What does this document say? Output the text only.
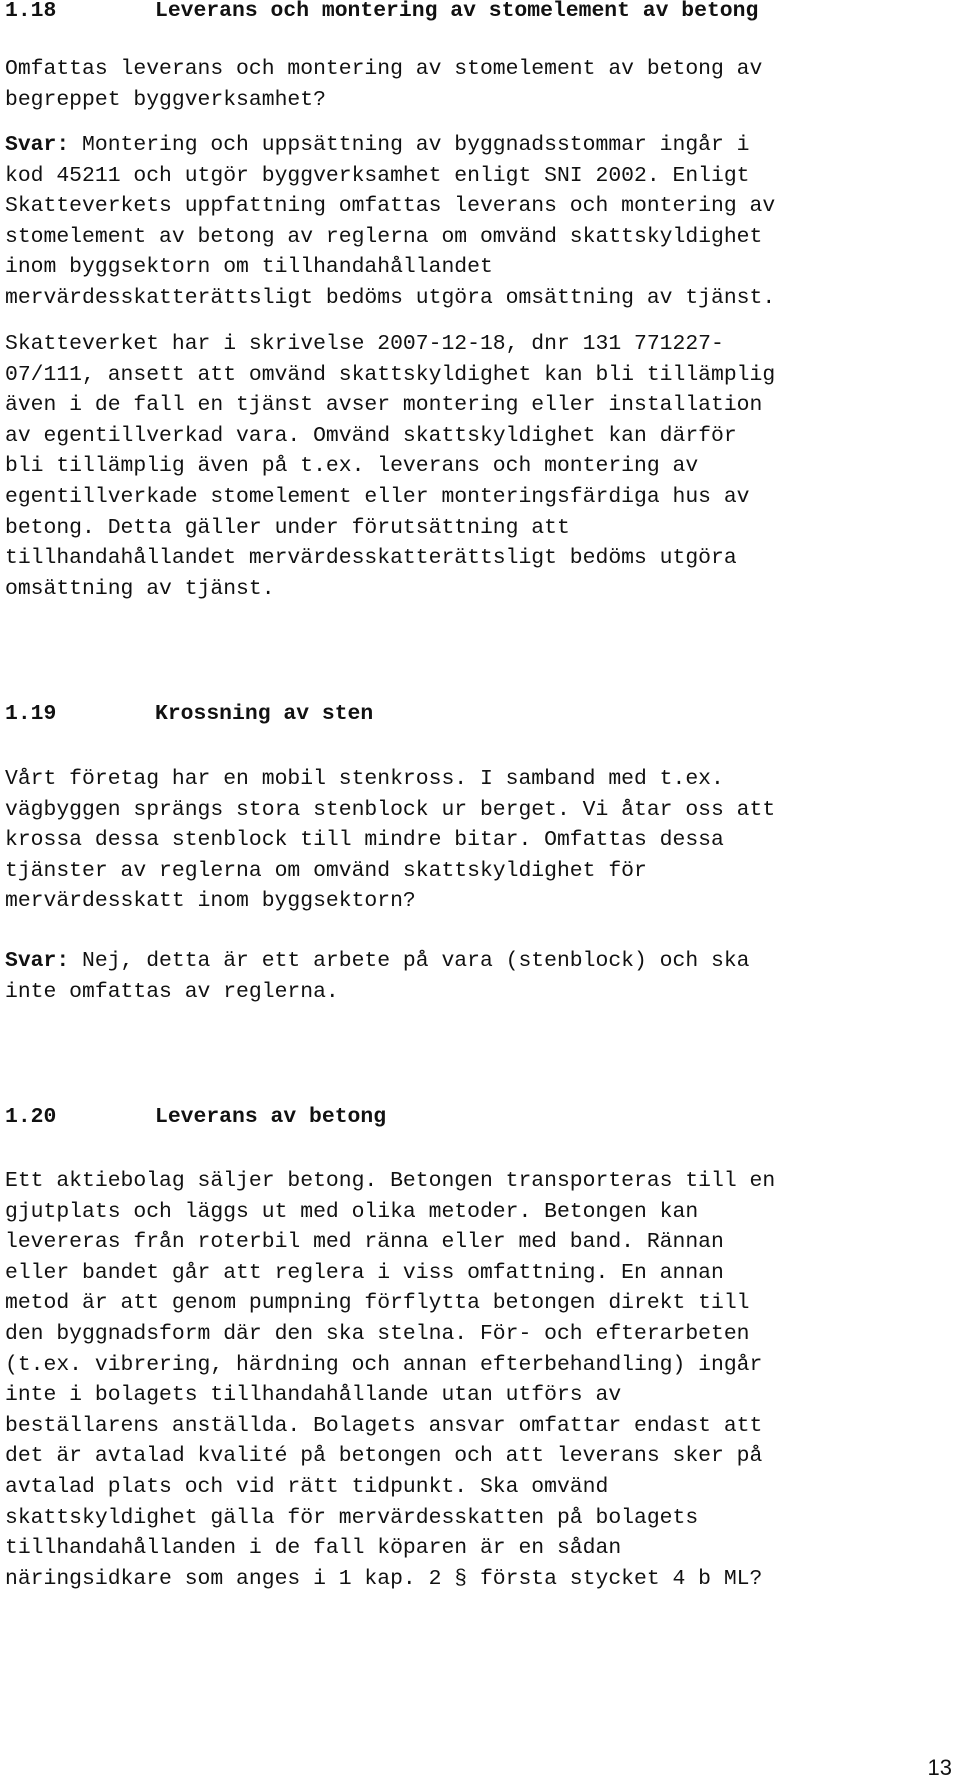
1.18	Leverans och montering av stomelement av betong
Omfattas leverans och montering av stomelement av betong av
begreppet byggverksamhet?
Svar: Montering och uppsättning av byggnadsstommar ingår i
kod 45211 och utgör byggverksamhet enligt SNI 2002. Enligt
Skatteverkets uppfattning omfattas leverans och montering av
stomelement av betong av reglerna om omvänd skattskyldighet
inom byggsektorn om tillhandahållandet
mervärdesskatterättsligt bedöms utgöra omsättning av tjänst.
Skatteverket har i skrivelse 2007-12-18, dnr 131 771227-
07/111, ansett att omvänd skattskyldighet kan bli tillämplig
även i de fall en tjänst avser montering eller installation
av egentillverkad vara. Omvänd skattskyldighet kan därför
bli tillämplig även på t.ex. leverans och montering av
egentillverkade stomelement eller monteringsfärdiga hus av
betong. Detta gäller under förutsättning att
tillhandahållandet mervärdesskatterättsligt bedöms utgöra
omsättning av tjänst.
1.19	Krossning av sten
Vårt företag har en mobil stenkross. I samband med t.ex.
vägbyggen sprängs stora stenblock ur berget. Vi åtar oss att
krossa dessa stenblock till mindre bitar. Omfattas dessa
tjänster av reglerna om omvänd skattskyldighet för
mervärdesskatt inom byggsektorn?
Svar: Nej, detta är ett arbete på vara (stenblock) och ska
inte omfattas av reglerna.
1.20	Leverans av betong
Ett aktiebolag säljer betong. Betongen transporteras till en
gjutplats och läggs ut med olika metoder. Betongen kan
levereras från roterbil med ränna eller med band. Rännan
eller bandet går att reglera i viss omfattning. En annan
metod är att genom pumpning förflytta betongen direkt till
den byggnadsform där den ska stelna. För- och efterarbeten
(t.ex. vibrering, härdning och annan efterbehandling) ingår
inte i bolagets tillhandahållande utan utförs av
beställarens anställda. Bolagets ansvar omfattar endast att
det är avtalad kvalité på betongen och att leverans sker på
avtalad plats och vid rätt tidpunkt. Ska omvänd
skattskyldighet gälla för mervärdesskatten på bolagets
tillhandahållanden i de fall köparen är en sådan
näringsidkare som anges i 1 kap. 2 § första stycket 4 b ML?
13
